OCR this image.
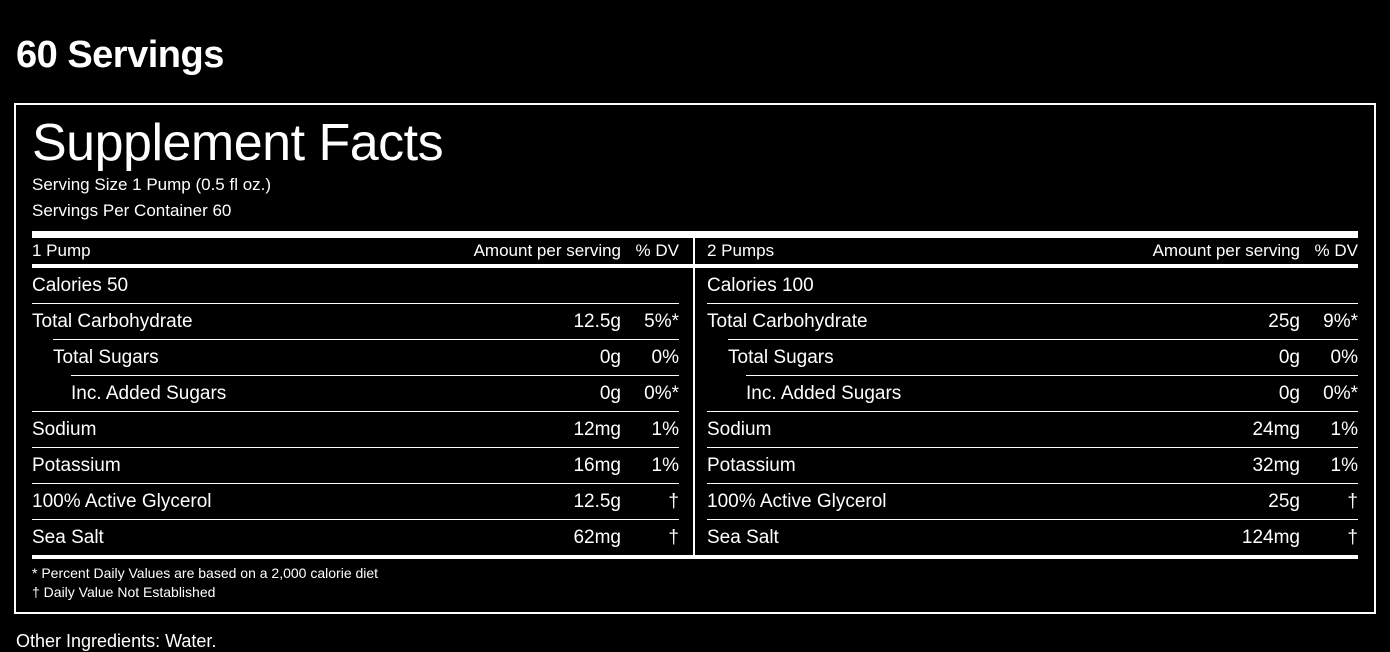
60 Servings
Supplement Facts
Serving Size 1 Pump (0.5 fl oz.)
Servings Per Container 60
1 Pump	Amount per serving % DV 2 Pumps	Amount per serving % DV
Calories 50
Total Carbohydrate	12.5g	5%*
Total Sugars	0g	0%
Inc. Added Sugars	0g	0%*
Sodium	12mg	1%
Potassium	16mg	1%
100% Active Glycerol	12.5g	†
Sea Salt	62mg	†
Calories 100
Total Carbohydrate	25g	9%*
Total Sugars	0g	0%
Inc. Added Sugars	0g	0%*
Sodium	24mg	1%
Potassium	32mg	1%
100% Active Glycerol	25g	†
Sea Salt	124mg	†
* Percent Daily Values are based on a 2,000 calorie diet
† Daily Value Not Established
Other Ingredients: Water.
